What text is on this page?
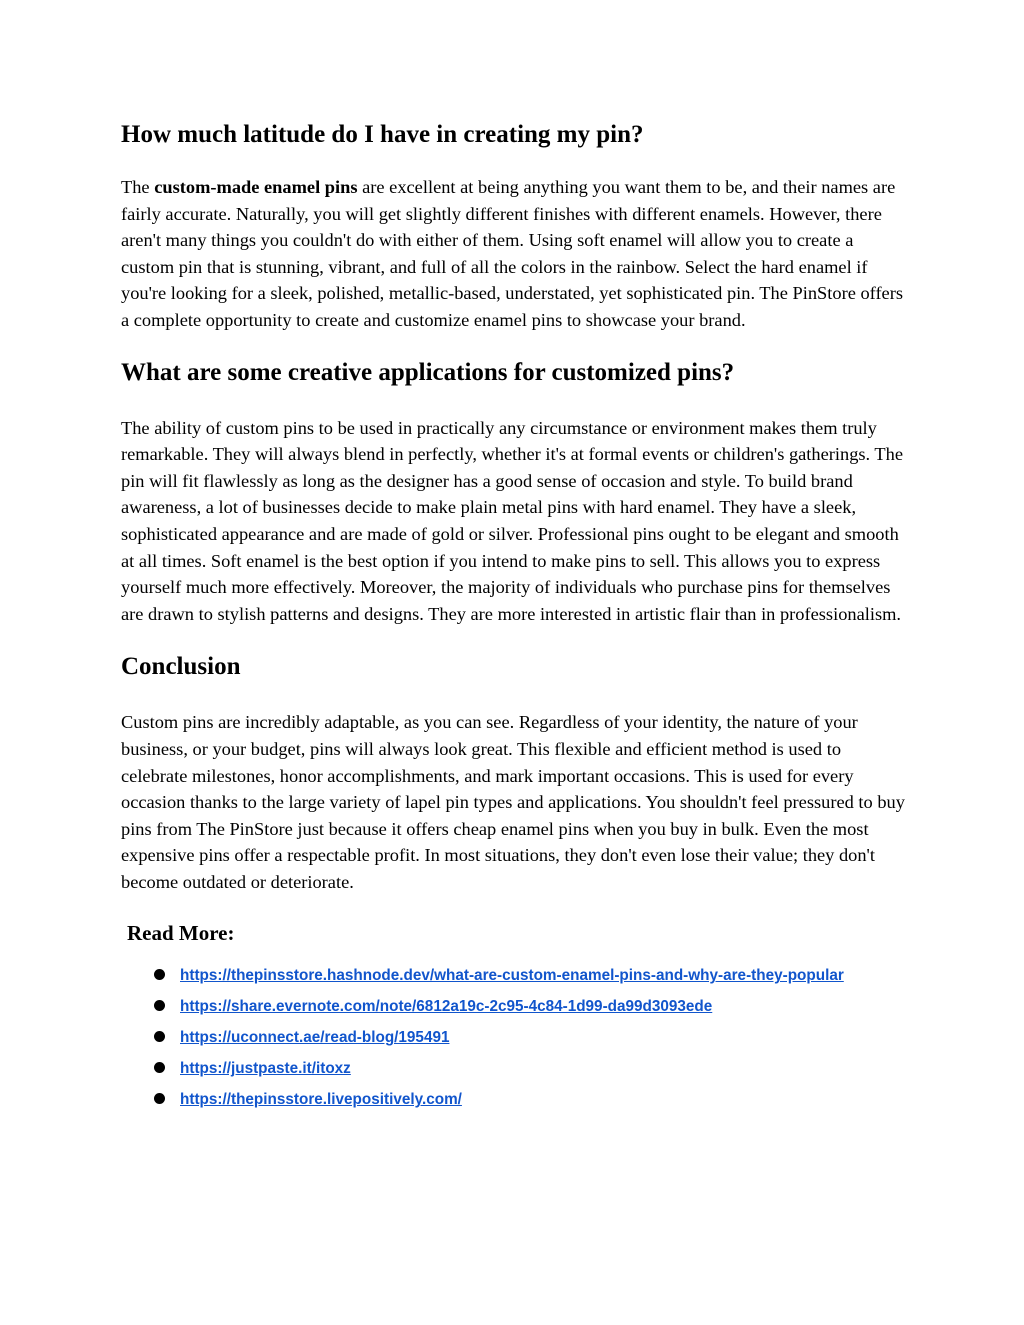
How much latitude do I have in creating my pin?

The custom-made enamel pins are excellent at being anything you want them to be, and their names are fairly accurate. Naturally, you will get slightly different finishes with different enamels. However, there aren't many things you couldn't do with either of them. Using soft enamel will allow you to create a custom pin that is stunning, vibrant, and full of all the colors in the rainbow. Select the hard enamel if you're looking for a sleek, polished, metallic-based, understated, yet sophisticated pin. The PinStore offers a complete opportunity to create and customize enamel pins to showcase your brand.

What are some creative applications for customized pins?

The ability of custom pins to be used in practically any circumstance or environment makes them truly remarkable. They will always blend in perfectly, whether it's at formal events or children's gatherings. The pin will fit flawlessly as long as the designer has a good sense of occasion and style. To build brand awareness, a lot of businesses decide to make plain metal pins with hard enamel. They have a sleek, sophisticated appearance and are made of gold or silver. Professional pins ought to be elegant and smooth at all times. Soft enamel is the best option if you intend to make pins to sell. This allows you to express yourself much more effectively. Moreover, the majority of individuals who purchase pins for themselves are drawn to stylish patterns and designs. They are more interested in artistic flair than in professionalism.

Conclusion

Custom pins are incredibly adaptable, as you can see. Regardless of your identity, the nature of your business, or your budget, pins will always look great. This flexible and efficient method is used to celebrate milestones, honor accomplishments, and mark important occasions. This is used for every occasion thanks to the large variety of lapel pin types and applications. You shouldn't feel pressured to buy pins from The PinStore just because it offers cheap enamel pins when you buy in bulk. Even the most expensive pins offer a respectable profit. In most situations, they don't even lose their value; they don't become outdated or deteriorate.

Read More:
https://thepinsstore.hashnode.dev/what-are-custom-enamel-pins-and-why-are-they-popular
https://share.evernote.com/note/6812a19c-2c95-4c84-1d99-da99d3093ede
https://uconnect.ae/read-blog/195491
https://justpaste.it/itoxz
https://thepinsstore.livepositively.com/
